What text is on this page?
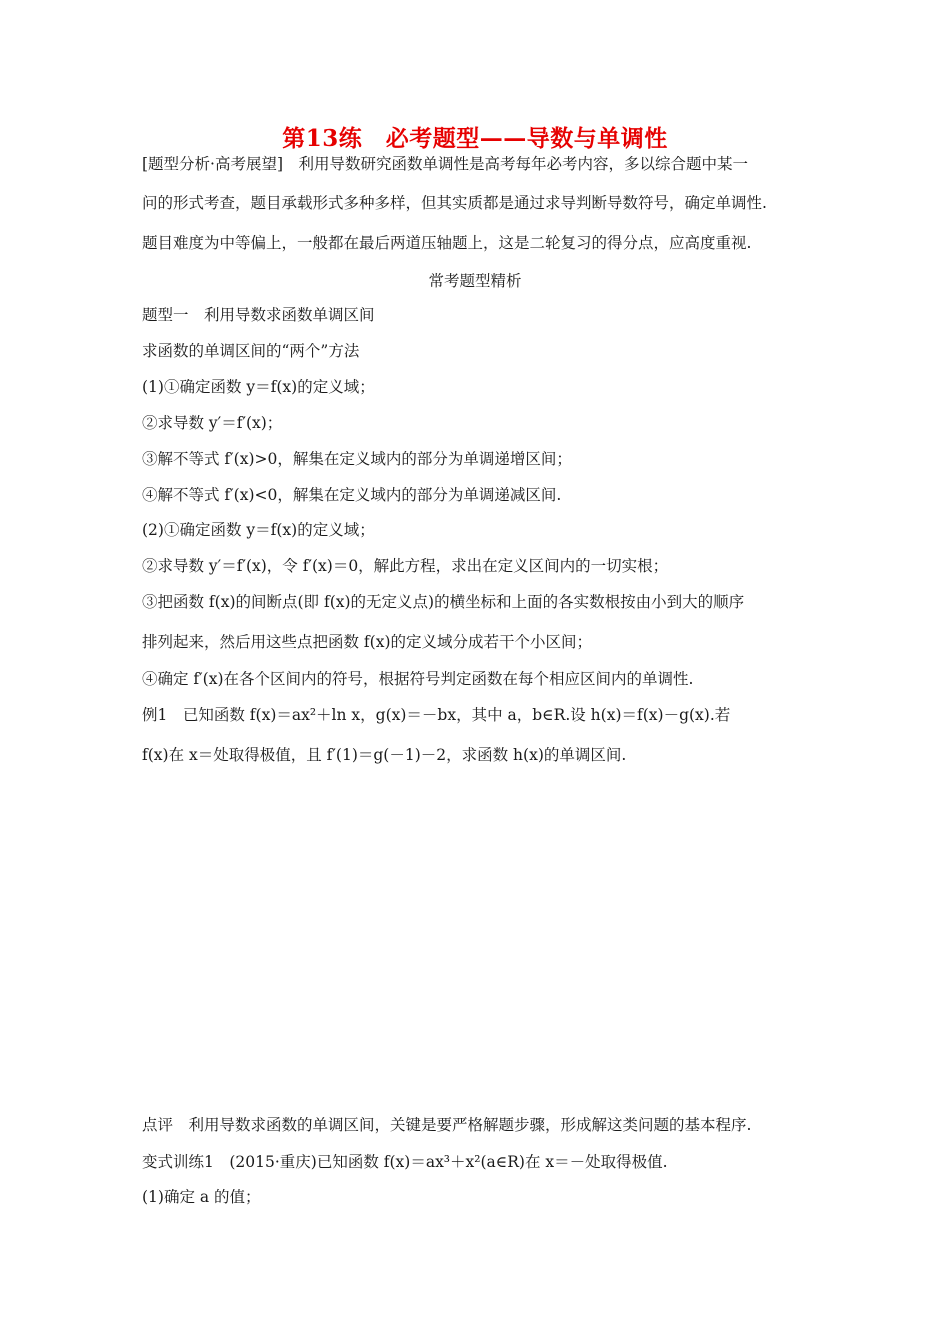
第13练　必考题型——导数与单调性
[题型分析·高考展望]　利用导数研究函数单调性是高考每年必考内容，多以综合题中某一
问的形式考查，题目承载形式多种多样，但其实质都是通过求导判断导数符号，确定单调性.
题目难度为中等偏上，一般都在最后两道压轴题上，这是二轮复习的得分点，应高度重视.
常考题型精析
题型一　利用导数求函数单调区间
求函数的单调区间的“两个”方法
(1)①确定函数 y＝f(x)的定义域；
②求导数 y′＝f′(x)；
③解不等式 f′(x)>0，解集在定义域内的部分为单调递增区间；
④解不等式 f′(x)<0，解集在定义域内的部分为单调递减区间.
(2)①确定函数 y＝f(x)的定义域；
②求导数 y′＝f′(x)，令 f′(x)＝0，解此方程，求出在定义区间内的一切实根；
③把函数 f(x)的间断点(即 f(x)的无定义点)的横坐标和上面的各实数根按由小到大的顺序
排列起来，然后用这些点把函数 f(x)的定义域分成若干个小区间；
④确定 f′(x)在各个区间内的符号，根据符号判定函数在每个相应区间内的单调性.
例1　已知函数 f(x)＝ax²＋ln x，g(x)＝－bx，其中 a，b∈R.设 h(x)＝f(x)－g(x).若
f(x)在 x＝处取得极值，且 f′(1)＝g(－1)－2，求函数 h(x)的单调区间.
点评　利用导数求函数的单调区间，关键是要严格解题步骤，形成解这类问题的基本程序.
变式训练1　(2015·重庆)已知函数 f(x)＝ax³＋x²(a∈R)在 x＝－处取得极值.
(1)确定 a 的值；
